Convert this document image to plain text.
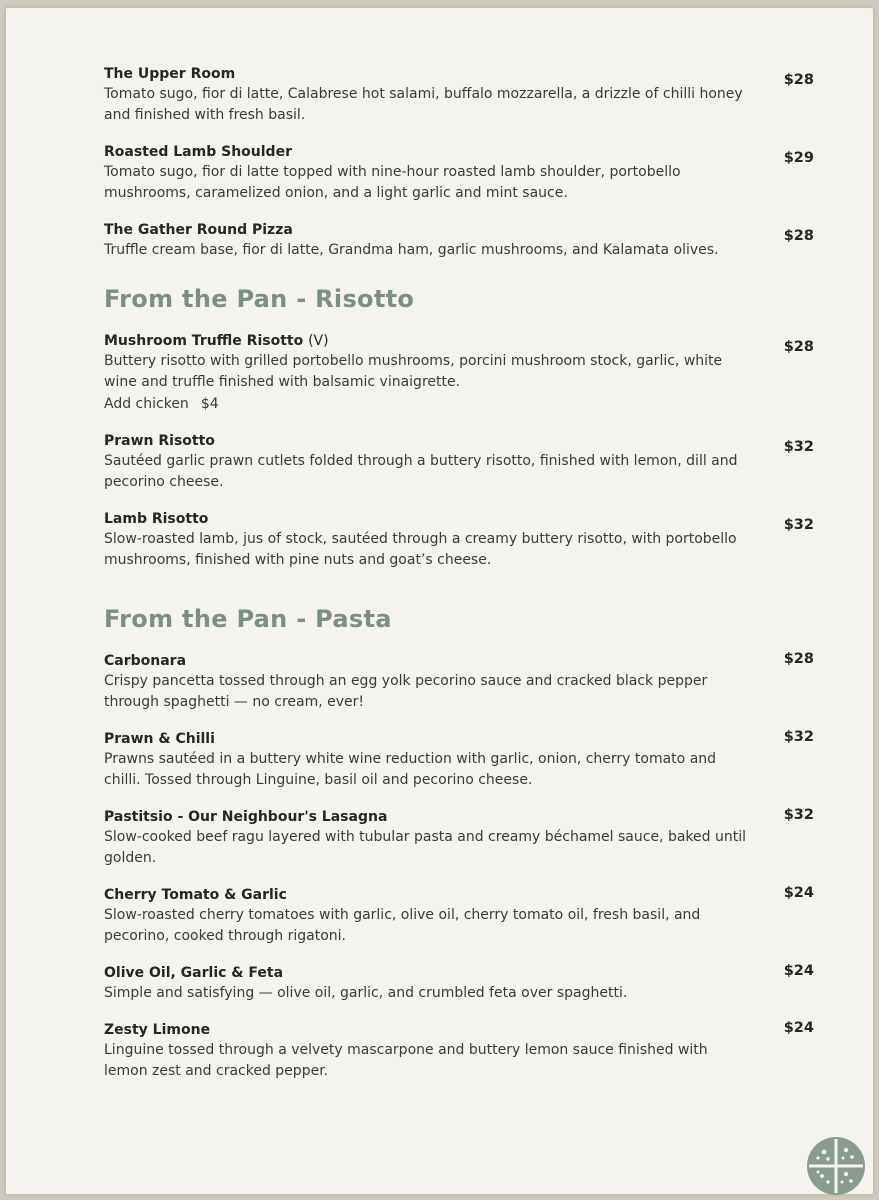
The Upper Room	$28
Tomato sugo, fior di latte, Calabrese hot salami, buffalo mozzarella, a drizzle of chilli honey and finished with fresh basil.
Roasted Lamb Shoulder	$29
Tomato sugo, fior di latte topped with nine-hour roasted lamb shoulder, portobello mushrooms, caramelized onion, and a light garlic and mint sauce.
The Gather Round Pizza	$28
Truffle cream base, fior di latte, Grandma ham, garlic mushrooms, and Kalamata olives.
From the Pan - Risotto
Mushroom Truffle Risotto (V)	$28
Buttery risotto with grilled portobello mushrooms, porcini mushroom stock, garlic, white wine and truffle finished with balsamic vinaigrette.
Add chicken $4
Prawn Risotto	$32
Sautéed garlic prawn cutlets folded through a buttery risotto, finished with lemon, dill and pecorino cheese.
Lamb Risotto	$32
Slow-roasted lamb, jus of stock, sautéed through a creamy buttery risotto, with portobello mushrooms, finished with pine nuts and goat’s cheese.
From the Pan - Pasta
Carbonara	$28
Crispy pancetta tossed through an egg yolk pecorino sauce and cracked black pepper through spaghetti — no cream, ever!
Prawn & Chilli	$32
Prawns sautéed in a buttery white wine reduction with garlic, onion, cherry tomato and chilli. Tossed through Linguine, basil oil and pecorino cheese.
Pastitsio - Our Neighbour's Lasagna	$32
Slow-cooked beef ragu layered with tubular pasta and creamy béchamel sauce, baked until golden.
Cherry Tomato & Garlic	$24
Slow-roasted cherry tomatoes with garlic, olive oil, cherry tomato oil, fresh basil, and pecorino, cooked through rigatoni.
Olive Oil, Garlic & Feta	$24
Simple and satisfying — olive oil, garlic, and crumbled feta over spaghetti.
Zesty Limone	$24
Linguine tossed through a velvety mascarpone and buttery lemon sauce finished with lemon zest and cracked pepper.
